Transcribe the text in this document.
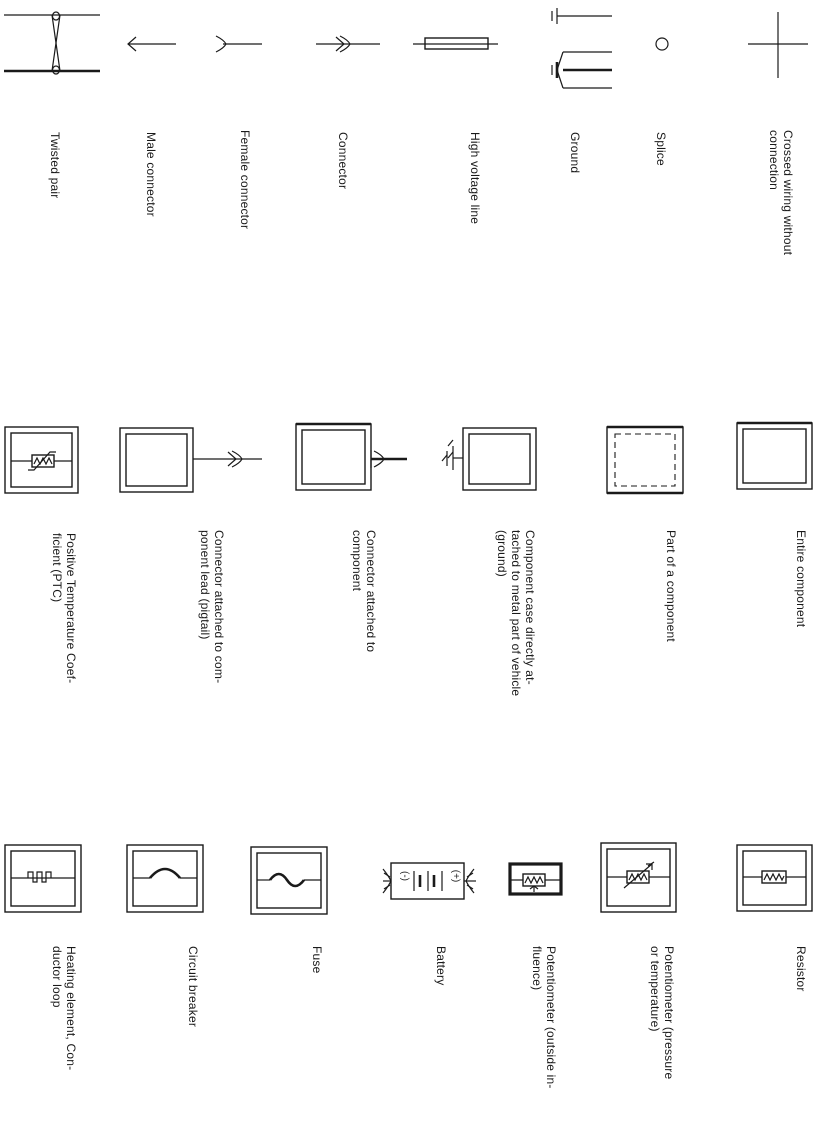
(-)	(+)
Twisted pair	Male connector	Female connector	Connector	High voltage line	Ground	Splice	Crossed wiring without
connection
Positive Temperature Coef-
ficient (PTC)	Connector attached to com-
ponent lead (pigtail)	Connector attached to
component	Component case directly at-
tached to metal part of vehicle
(ground)	Part of a component	Entire component
Heating element, Con-
ductor loop	Circuit breaker	Fuse	Battery	Potentiometer (outside in-
fluence)	Potentiometer (pressure
or temperature)	Resistor
